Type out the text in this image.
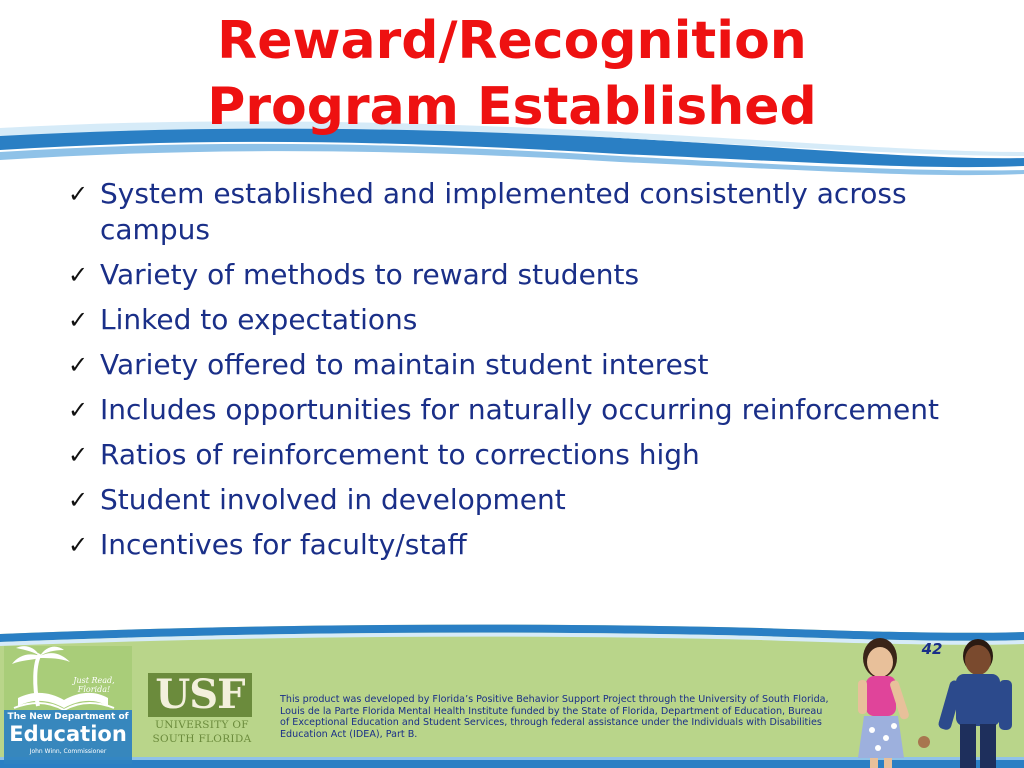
Reward/Recognition
Program Established
✓ System established and implemented consistently across campus
✓ Variety of methods to reward students
✓ Linked to expectations
✓ Variety offered to maintain student interest
✓ Includes opportunities for naturally occurring reinforcement
✓ Ratios of reinforcement to corrections high
✓ Student involved in development
✓ Incentives for faculty/staff
42
Just Read, Florida!
The New Department of
Education
John Winn, Commissioner
USF
UNIVERSITY OF
SOUTH FLORIDA
This product was developed by Florida’s Positive Behavior Support Project through the University of South Florida, Louis de la Parte Florida Mental Health Institute funded by the State of Florida, Department of Education, Bureau of Exceptional Education and Student Services, through federal assistance under the Individuals with Disabilities Education Act (IDEA), Part B.
